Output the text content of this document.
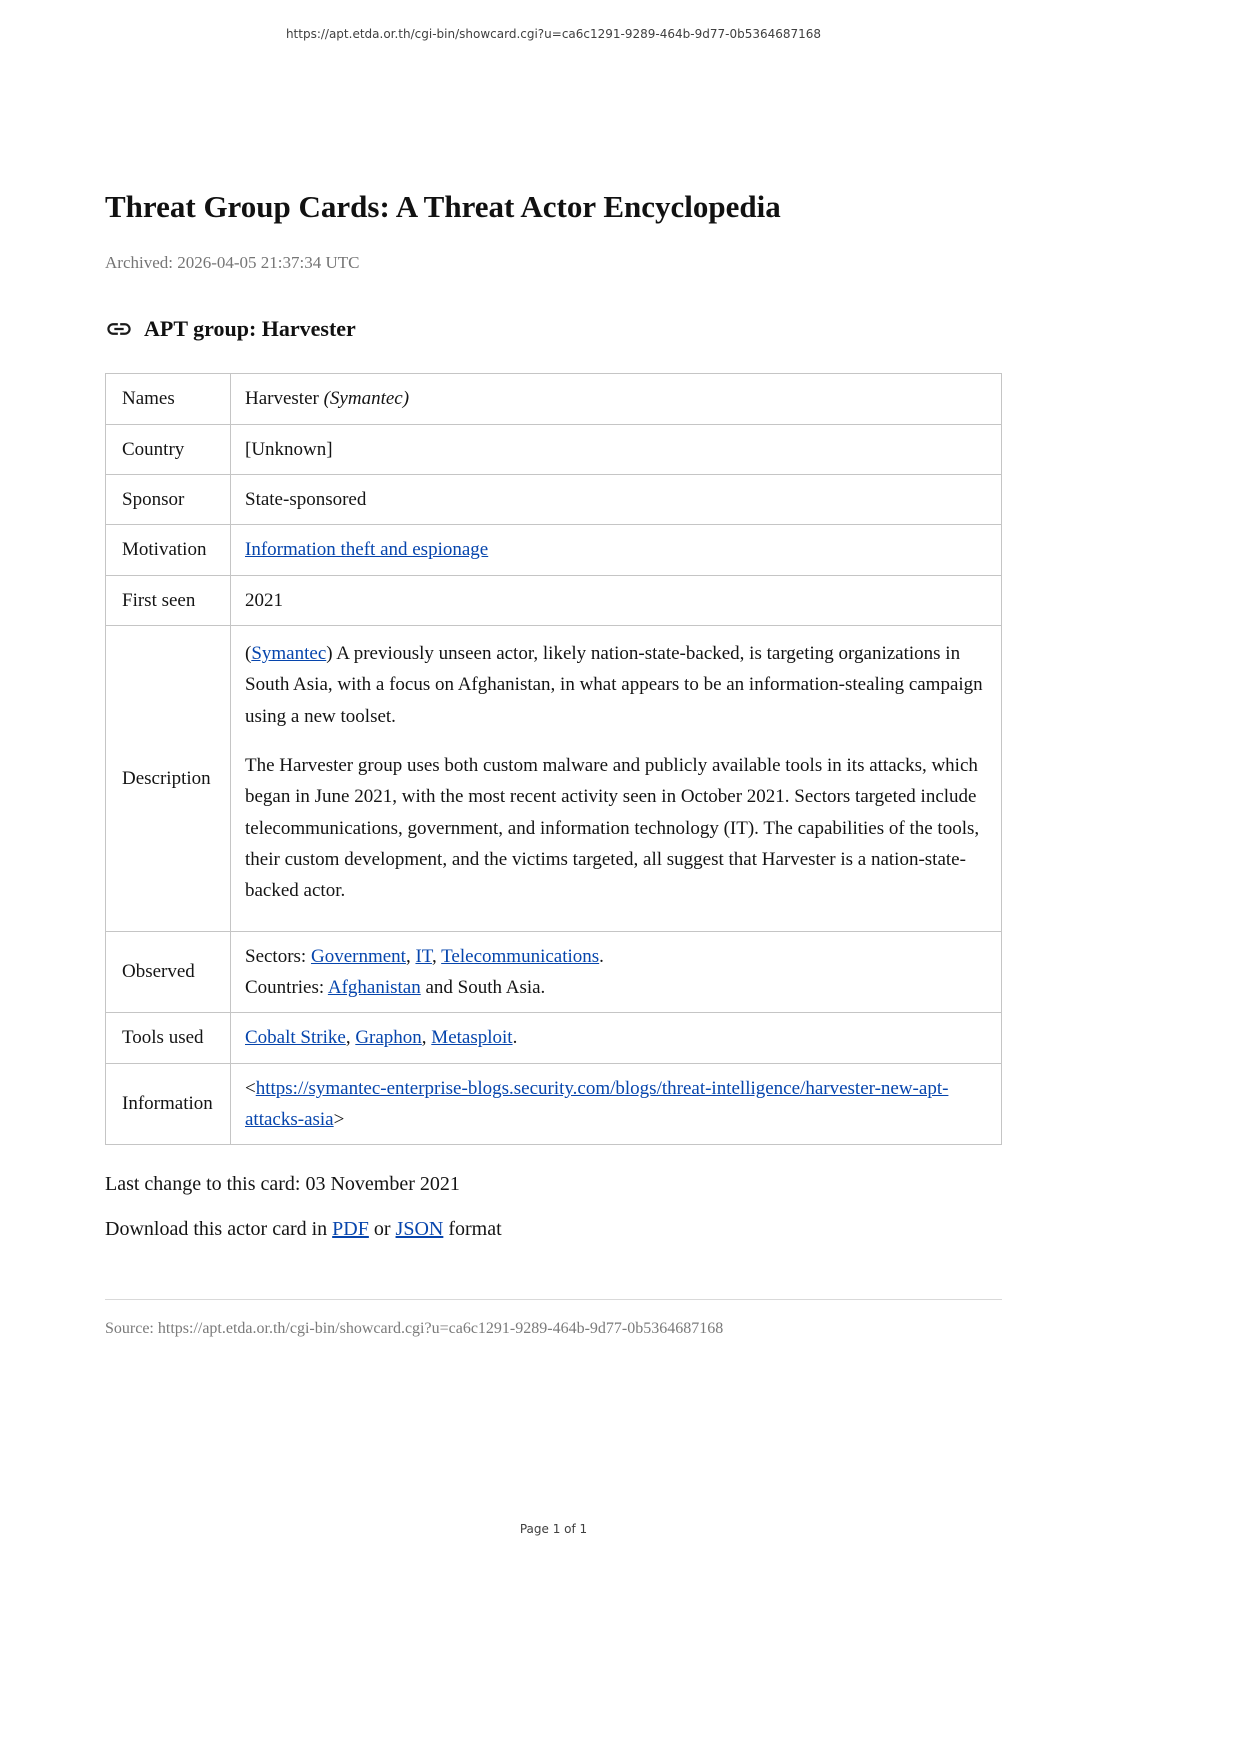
https://apt.etda.or.th/cgi-bin/showcard.cgi?u=ca6c1291-9289-464b-9d77-0b5364687168
Threat Group Cards: A Threat Actor Encyclopedia

Archived: 2026-04-05 21:37:34 UTC

APT group: Harvester
Names	Harvester (Symantec)
Country	[Unknown]
Sponsor	State-sponsored
Motivation	Information theft and espionage
First seen	2021
Description	(Symantec) A previously unseen actor, likely nation-state-backed, is targeting organizations in South Asia, with a focus on Afghanistan, in what appears to be an information-stealing campaign using a new toolset.

The Harvester group uses both custom malware and publicly available tools in its attacks, which began in June 2021, with the most recent activity seen in October 2021. Sectors targeted include telecommunications, government, and information technology (IT). The capabilities of the tools, their custom development, and the victims targeted, all suggest that Harvester is a nation-state-backed actor.

Observed	Sectors: Government, IT, Telecommunications.
Countries: Afghanistan and South Asia.

Tools used	Cobalt Strike, Graphon, Metasploit.
Information	<https://symantec-enterprise-blogs.security.com/blogs/threat-intelligence/harvester-new-apt-attacks-asia>

Last change to this card: 03 November 2021

Download this actor card in PDF or JSON format

Source: https://apt.etda.or.th/cgi-bin/showcard.cgi?u=ca6c1291-9289-464b-9d77-0b5364687168

Page 1 of 1
